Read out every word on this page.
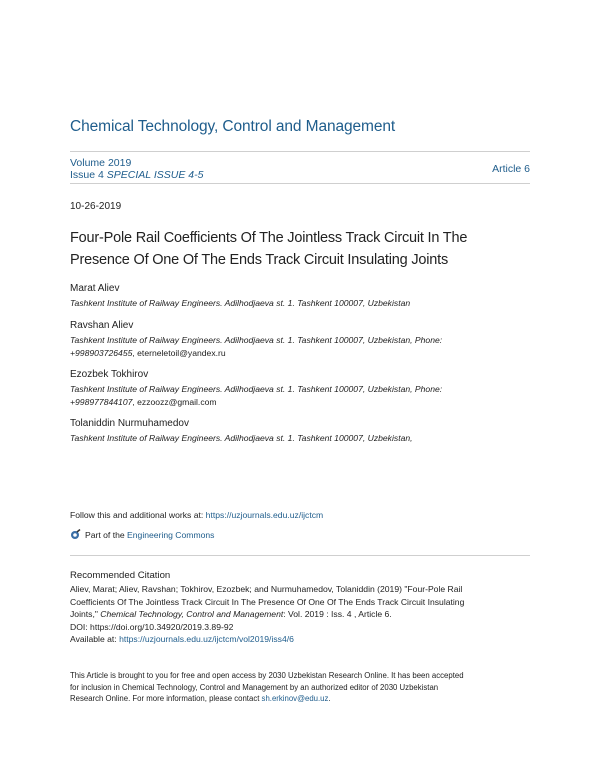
Chemical Technology, Control and Management
Volume 2019
Issue 4 SPECIAL ISSUE 4-5	Article 6
10-26-2019
Four-Pole Rail Coefficients Of The Jointless Track Circuit In The
Presence Of One Of The Ends Track Circuit Insulating Joints
Marat Aliev
Tashkent Institute of Railway Engineers. Adilhodjaeva st. 1. Tashkent 100007, Uzbekistan
Ravshan Aliev
Tashkent Institute of Railway Engineers. Adilhodjaeva st. 1. Tashkent 100007, Uzbekistan, Phone:
+998903726455, eterneletoil@yandex.ru
Ezozbek Tokhirov
Tashkent Institute of Railway Engineers. Adilhodjaeva st. 1. Tashkent 100007, Uzbekistan, Phone:
+998977844107, ezzoozz@gmail.com
Tolaniddin Nurmuhamedov
Tashkent Institute of Railway Engineers. Adilhodjaeva st. 1. Tashkent 100007, Uzbekistan,
Follow this and additional works at: https://uzjournals.edu.uz/ijctcm
Part of the Engineering Commons
Recommended Citation
Aliev, Marat; Aliev, Ravshan; Tokhirov, Ezozbek; and Nurmuhamedov, Tolaniddin (2019) "Four-Pole Rail
Coefficients Of The Jointless Track Circuit In The Presence Of One Of The Ends Track Circuit Insulating
Joints," Chemical Technology, Control and Management: Vol. 2019 : Iss. 4 , Article 6.
DOI: https://doi.org/10.34920/2019.3.89-92
Available at: https://uzjournals.edu.uz/ijctcm/vol2019/iss4/6
This Article is brought to you for free and open access by 2030 Uzbekistan Research Online. It has been accepted
for inclusion in Chemical Technology, Control and Management by an authorized editor of 2030 Uzbekistan
Research Online. For more information, please contact sh.erkinov@edu.uz.
